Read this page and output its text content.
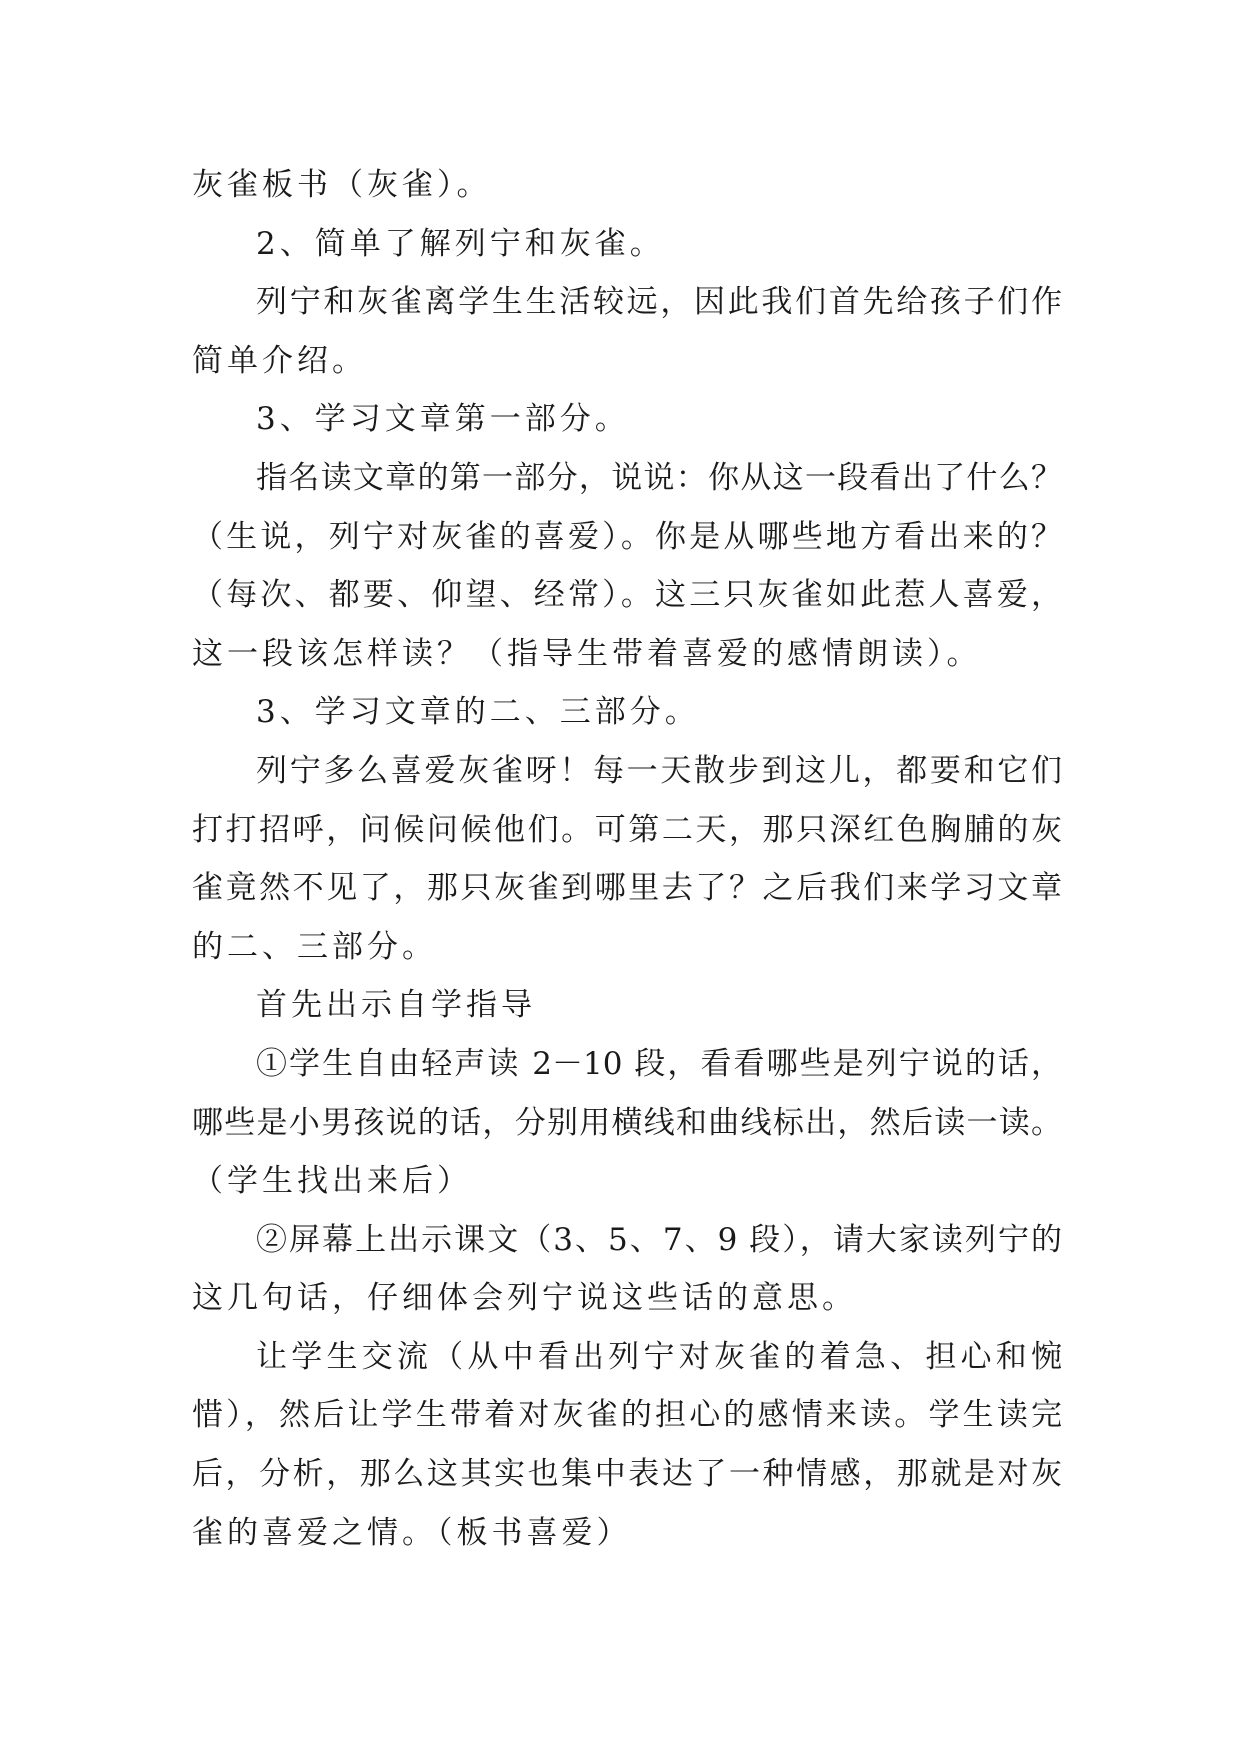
灰雀板书（灰雀）。
2、简单了解列宁和灰雀。
列宁和灰雀离学生生活较远，因此我们首先给孩子们作
简单介绍。
3、学习文章第一部分。
指名读文章的第一部分，说说：你从这一段看出了什么？
（生说，列宁对灰雀的喜爱）。你是从哪些地方看出来的？
（每次、都要、仰望、经常）。这三只灰雀如此惹人喜爱，
这一段该怎样读？（指导生带着喜爱的感情朗读）。
3、学习文章的二、三部分。
列宁多么喜爱灰雀呀！每一天散步到这儿，都要和它们
打打招呼，问候问候他们。可第二天，那只深红色胸脯的灰
雀竟然不见了，那只灰雀到哪里去了？之后我们来学习文章
的二、三部分。
首先出示自学指导
①学生自由轻声读 2－10 段，看看哪些是列宁说的话，
哪些是小男孩说的话，分别用横线和曲线标出，然后读一读。
（学生找出来后）
②屏幕上出示课文（3、5、7、9 段），请大家读列宁的
这几句话，仔细体会列宁说这些话的意思。
让学生交流（从中看出列宁对灰雀的着急、担心和惋
惜），然后让学生带着对灰雀的担心的感情来读。学生读完
后，分析，那么这其实也集中表达了一种情感，那就是对灰
雀的喜爱之情。（板书喜爱）
